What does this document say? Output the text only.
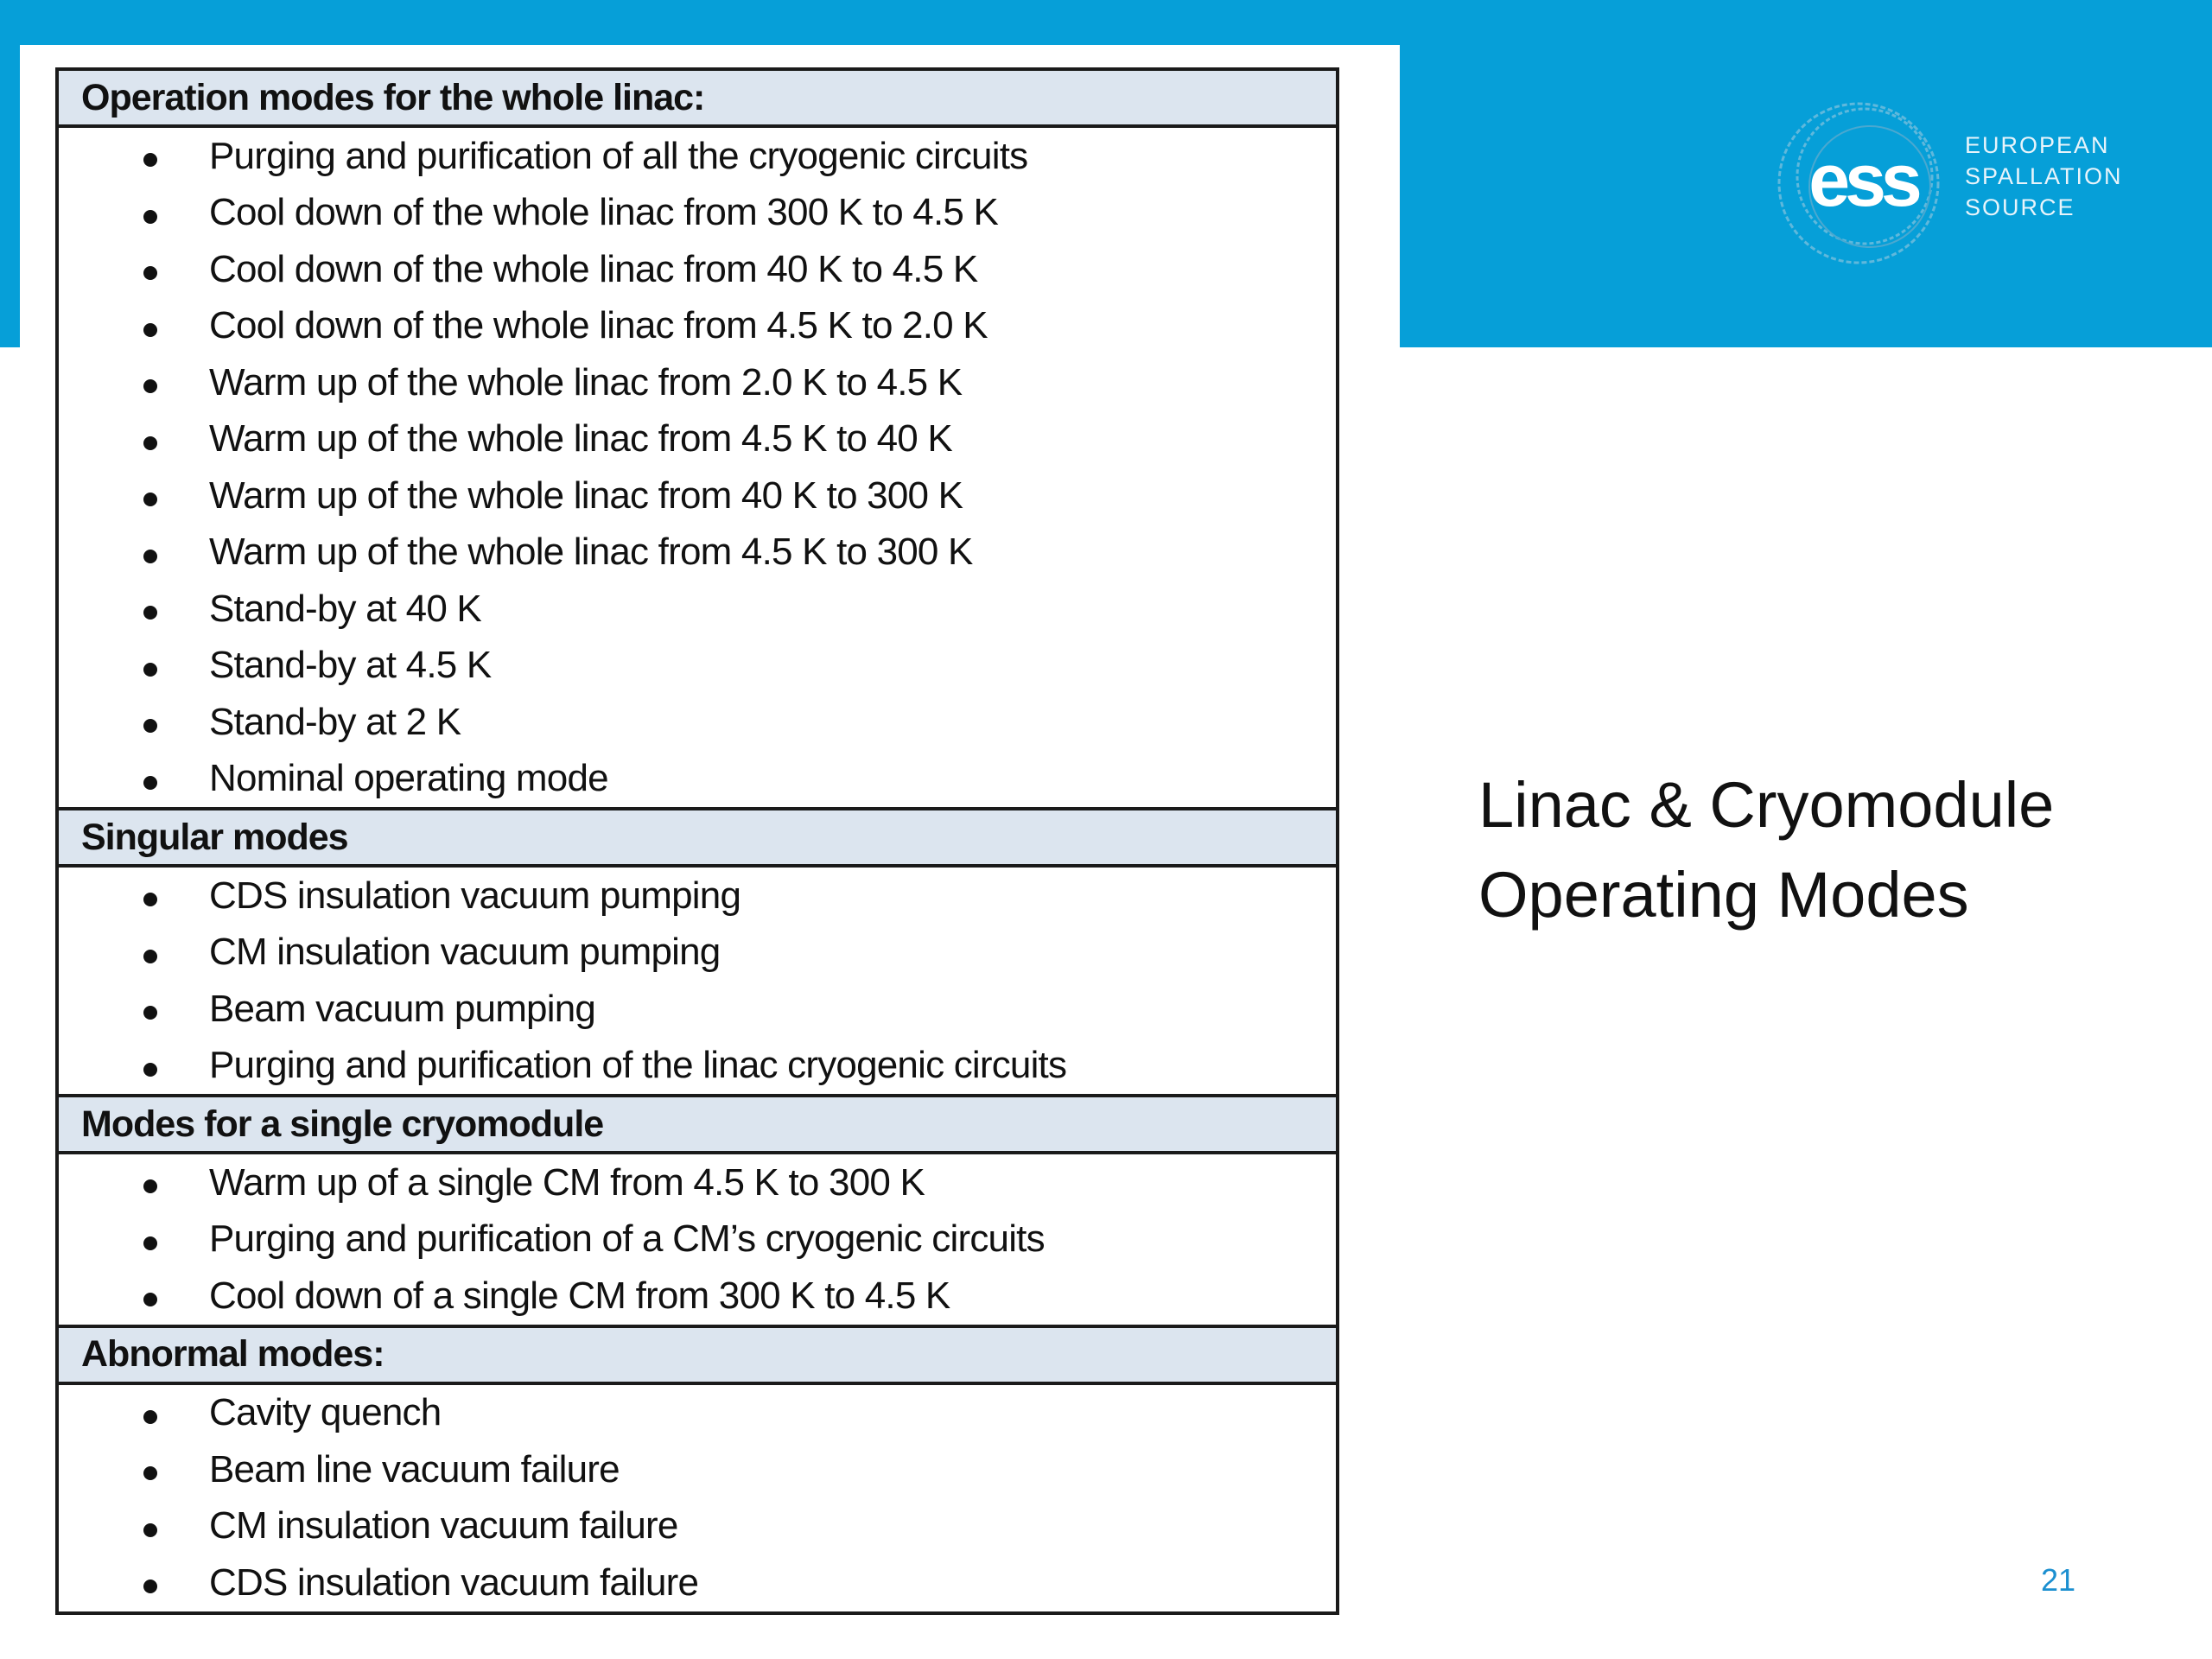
ess EUROPEAN
SPALLATION
SOURCE
Operation modes for the whole linac:
Purging and purification of all the cryogenic circuits
Cool down of the whole linac from 300 K to 4.5 K
Cool down of the whole linac from 40 K to 4.5 K
Cool down of the whole linac from 4.5 K to 2.0 K
Warm up of the whole linac from 2.0 K to 4.5 K
Warm up of the whole linac from 4.5 K to 40 K
Warm up of the whole linac from 40 K to 300 K
Warm up of the whole linac from 4.5 K to 300 K
Stand-by at 40 K
Stand-by at 4.5 K
Stand-by at 2 K
Nominal operating mode
Singular modes
CDS insulation vacuum pumping
CM insulation vacuum pumping
Beam vacuum pumping
Purging and purification of the linac cryogenic circuits
Modes for a single cryomodule
Warm up of a single CM from 4.5 K to 300 K
Purging and purification of a CM’s cryogenic circuits
Cool down of a single CM from 300 K to 4.5 K
Abnormal modes:
Cavity quench
Beam line vacuum failure
CM insulation vacuum failure
CDS insulation vacuum failure
Linac & Cryomodule
Operating Modes
21
